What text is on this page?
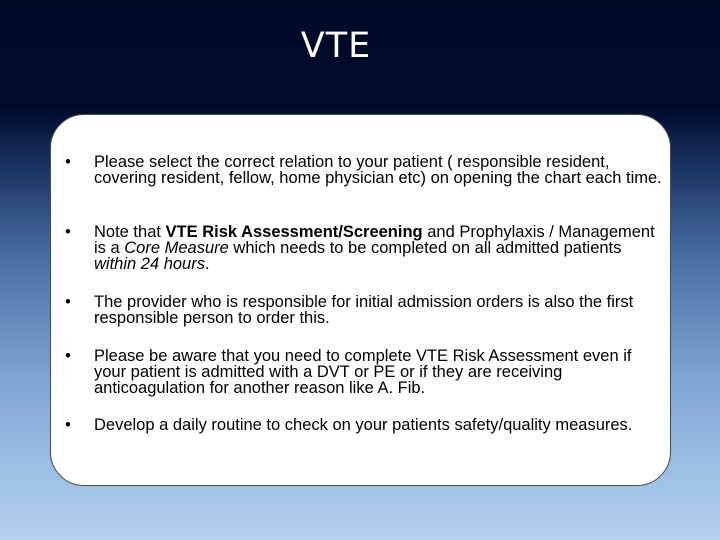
VTE
• Please select the correct relation to your patient ( responsible resident, covering resident, fellow, home physician etc) on opening the chart each time.
• Note that VTE Risk Assessment/Screening and Prophylaxis / Management is a Core Measure which needs to be completed on all admitted patients within 24 hours.
• The provider who is responsible for initial admission orders is also the first responsible person to order this.
• Please be aware that you need to complete VTE Risk Assessment even if your patient is admitted with a DVT or PE or if they are receiving anticoagulation for another reason like A. Fib.
• Develop a daily routine to check on your patients safety/quality measures.
